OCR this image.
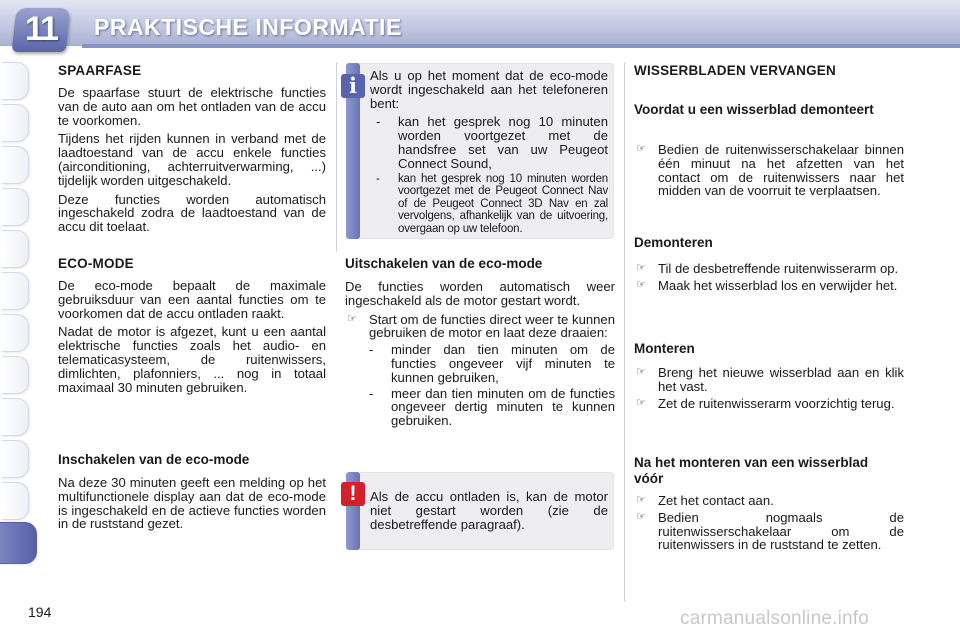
11	PRAKTISCHE INFORMATIE
SPAARFASE

De spaarfase stuurt de elektrische functies van de auto aan om het ontladen van de accu te voorkomen.

Tijdens het rijden kunnen in verband met de laadtoestand van de accu enkele functies (airconditioning, achterruitverwarming, ...) tijdelijk worden uitgeschakeld.

Deze functies worden automatisch ingeschakeld zodra de laadtoestand van de accu dit toelaat.

ECO-MODE

De eco-mode bepaalt de maximale gebruiksduur van een aantal functies om te voorkomen dat de accu ontladen raakt.

Nadat de motor is afgezet, kunt u een aantal elektrische functies zoals het audio- en telematicasysteem, de ruitenwissers, dimlichten, plafonniers, ... nog in totaal maximaal 30 minuten gebruiken.

Inschakelen van de eco-mode

Na deze 30 minuten geeft een melding op het multifunctionele display aan dat de eco-mode is ingeschakeld en de actieve functies worden in de ruststand gezet.

i Als u op het moment dat de eco-mode wordt ingeschakeld aan het telefoneren bent:

- kan het gesprek nog 10 minuten worden voortgezet met de handsfree set van uw Peugeot Connect Sound,
- kan het gesprek nog 10 minuten worden voortgezet met de Peugeot Connect Nav of de Peugeot Connect 3D Nav en zal vervolgens, afhankelijk van de uitvoering, overgaan op uw telefoon.
Uitschakelen van de eco-mode

De functies worden automatisch weer ingeschakeld als de motor gestart wordt.

☞ Start om de functies direct weer te kunnen gebruiken de motor en laat deze draaien:
- minder dan tien minuten om de functies ongeveer vijf minuten te kunnen gebruiken,
- meer dan tien minuten om de functies ongeveer dertig minuten te kunnen gebruiken.
!	Als de accu ontladen is, kan de motor niet gestart worden (zie de desbetreffende paragraaf).

WISSERBLADEN VERVANGEN
Voordat u een wisserblad demonteert
☞ Bedien de ruitenwisserschakelaar binnen één minuut na het afzetten van het contact om de ruitenwissers naar het midden van de voorruit te verplaatsen.
Demonteren
☞ Til de desbetreffende ruitenwisserarm op.
☞ Maak het wisserblad los en verwijder het.
Monteren
☞ Breng het nieuwe wisserblad aan en klik het vast.
☞ Zet de ruitenwisserarm voorzichtig terug.
Na het monteren van een wisserblad vóór
☞ Zet het contact aan.
☞ Bedien nogmaals de ruitenwisserschakelaar om de ruitenwissers in de ruststand te zetten.
194	carmanualsonline.info
